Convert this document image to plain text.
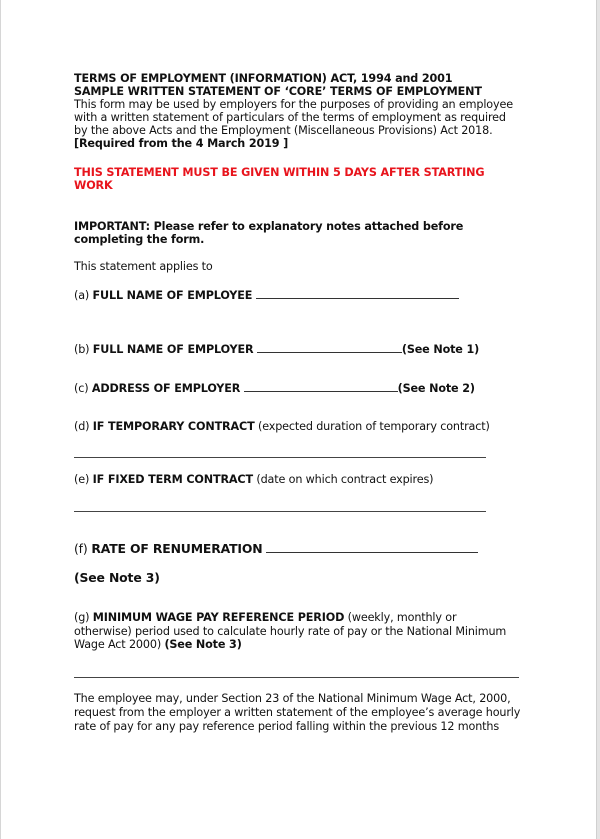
TERMS OF EMPLOYMENT (INFORMATION) ACT, 1994 and 2001
SAMPLE WRITTEN STATEMENT OF ‘CORE’ TERMS OF EMPLOYMENT
This form may be used by employers for the purposes of providing an employee
with a written statement of particulars of the terms of employment as required
by the above Acts and the Employment (Miscellaneous Provisions) Act 2018.
[Required from the 4 March 2019 ]
THIS STATEMENT MUST BE GIVEN WITHIN 5 DAYS AFTER STARTING
WORK
IMPORTANT: Please refer to explanatory notes attached before
completing the form.
This statement applies to
(a) FULL NAME OF EMPLOYEE
(b) FULL NAME OF EMPLOYER	(See Note 1)
(c) ADDRESS OF EMPLOYER	(See Note 2)
(d) IF TEMPORARY CONTRACT (expected duration of temporary contract)
(e) IF FIXED TERM CONTRACT (date on which contract expires)
(f) RATE OF RENUMERATION
(See Note 3)
(g) MINIMUM WAGE PAY REFERENCE PERIOD (weekly, monthly or
otherwise) period used to calculate hourly rate of pay or the National Minimum
Wage Act 2000) (See Note 3)
The employee may, under Section 23 of the National Minimum Wage Act, 2000,
request from the employer a written statement of the employee’s average hourly
rate of pay for any pay reference period falling within the previous 12 months
